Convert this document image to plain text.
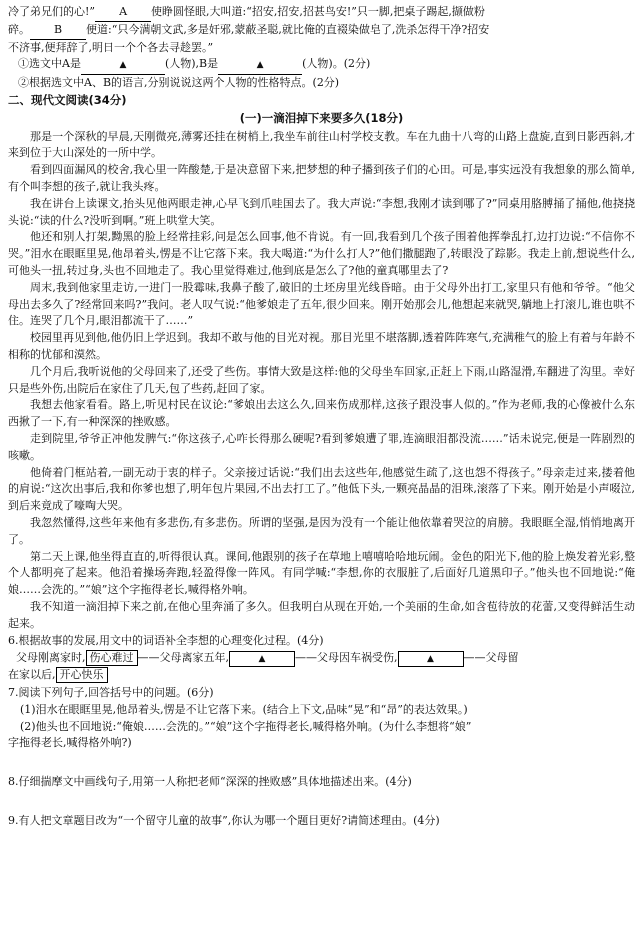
冷了弟兄们的心!” A 使睁圆怪眼,大叫道:“招安,招安,招甚鸟安!”只一脚,把桌子踢起,撷做粉

碎。 B 便道:“只今满朝文武,多是奸邪,蒙蔽圣聪,就比俺的直裰染做皂了,洗杀怎得干净?招安

不济事,便拜辞了,明日一个个各去寻趁罢。”

①选文中A是	▲	(人物),B是	▲	(人物)。(2分)

②根据选文中A、B的语言,分别说说这两个人物的性格特点。(2分)

二、现代文阅读(34分)

(一)一滴泪掉下来要多久(18分)

那是一个深秋的早晨,天刚微亮,薄雾还挂在树梢上,我坐车前往山村学校支教。车在九曲十八弯的山路上盘旋,直到日影西斜,才来到位于大山深处的一所中学。

看到四面漏风的校舍,我心里一阵酸楚,于是决意留下来,把梦想的种子播到孩子们的心田。可是,事实远没有我想象的那么简单,有个叫李想的孩子,就让我头疼。

我在讲台上读课文,抬头见他两眼走神,心早飞到爪哇国去了。我大声说:“李想,我刚才读到哪了?”同桌用胳膊捅了捅他,他挠挠头说:“读的什么?没听到啊。”班上哄堂大笑。

他还和别人打架,黝黑的脸上经常挂彩,问是怎么回事,他不肯说。有一回,我看到几个孩子围着他挥拳乱打,边打边说:“不信你不哭。”泪水在眼眶里晃,他昂着头,愣是不让它落下来。我大喝道:“为什么打人?”他们撒腿跑了,转眼没了踪影。我走上前,想说些什么,可他头一扭,转过身,头也不回地走了。我心里觉得难过,他到底是怎么了?他的童真哪里去了?

周末,我到他家里走访,一进门一股霉味,我鼻子酸了,破旧的土坯房里光线昏暗。由于父母外出打工,家里只有他和爷爷。“他父母出去多久了?经常回来吗?”我问。老人叹气说:“他爹娘走了五年,很少回来。刚开始那会儿,他想起来就哭,躺地上打滚儿,谁也哄不住。连哭了几个月,眼泪都流干了……”

校园里再见到他,他仍旧上学迟到。我却不敢与他的目光对视。那目光里不堪落脚,透着阵阵寒气,充满稚气的脸上有着与年龄不相称的忧郁和漠然。

几个月后,我听说他的父母回来了,还受了些伤。事情大致是这样:他的父母坐车回家,正赶上下雨,山路湿滑,车翻进了沟里。幸好只是些外伤,出院后在家住了几天,包了些药,赶回了家。

我想去他家看看。路上,听见村民在议论:“爹娘出去这么久,回来伤成那样,这孩子跟没事人似的。”作为老师,我的心像被什么东西揪了一下,有一种深深的挫败感。

走到院里,爷爷正冲他发脾气:“你这孩子,心咋长得那么硬呢?看到爹娘遭了罪,连滴眼泪都没流……”话未说完,便是一阵剧烈的咳嗽。

他倚着门框站着,一副无动于衷的样子。父亲接过话说:“我们出去这些年,他感觉生疏了,这也怨不得孩子。”母亲走过来,搂着他的肩说:“这次出事后,我和你爹也想了,明年包片果园,不出去打工了。”他低下头,一颗亮晶晶的泪珠,滚落了下来。刚开始是小声啜泣,到后来竟成了嚎啕大哭。

我忽然懂得,这些年来他有多悲伤,有多悲伤。所谓的坚强,是因为没有一个能让他依靠着哭泣的肩膀。我眼眶全湿,悄悄地离开了。

第二天上课,他坐得直直的,听得很认真。课间,他跟别的孩子在草地上嘻嘻哈哈地玩闹。金色的阳光下,他的脸上焕发着光彩,整个人都明亮了起来。他沿着操场奔跑,轻盈得像一阵风。有同学喊:“李想,你的衣服脏了,后面好几道黑印子。”他头也不回地说:“俺娘……会洗的。”“娘”这个字拖得老长,喊得格外响。

我不知道一滴泪掉下来之前,在他心里奔涌了多久。但我明白从现在开始,一个美丽的生命,如含苞待放的花蕾,又变得鲜活生动起来。

6.根据故事的发展,用文中的词语补全李想的心理变化过程。(4分)

父母刚离家时, 伤心难过 ——父母离家五年,	▲	——父母因车祸受伤,	▲	——父母留

在家以后, 开心快乐

7.阅读下列句子,回答括号中的问题。(6分)

(1)泪水在眼眶里晃,他昂着头,愣是不让它落下来。(结合上下文,品味“晃”和“昂”的表达效果。)

(2)他头也不回地说:“俺娘……会洗的。”“娘”这个字拖得老长,喊得格外响。(为什么李想将“娘”

字拖得老长,喊得格外响?)

8.仔细揣摩文中画线句子,用第一人称把老师“深深的挫败感”具体地描述出来。(4分)

9.有人把文章题目改为“一个留守儿童的故事”,你认为哪一个题目更好?请简述理由。(4分)
